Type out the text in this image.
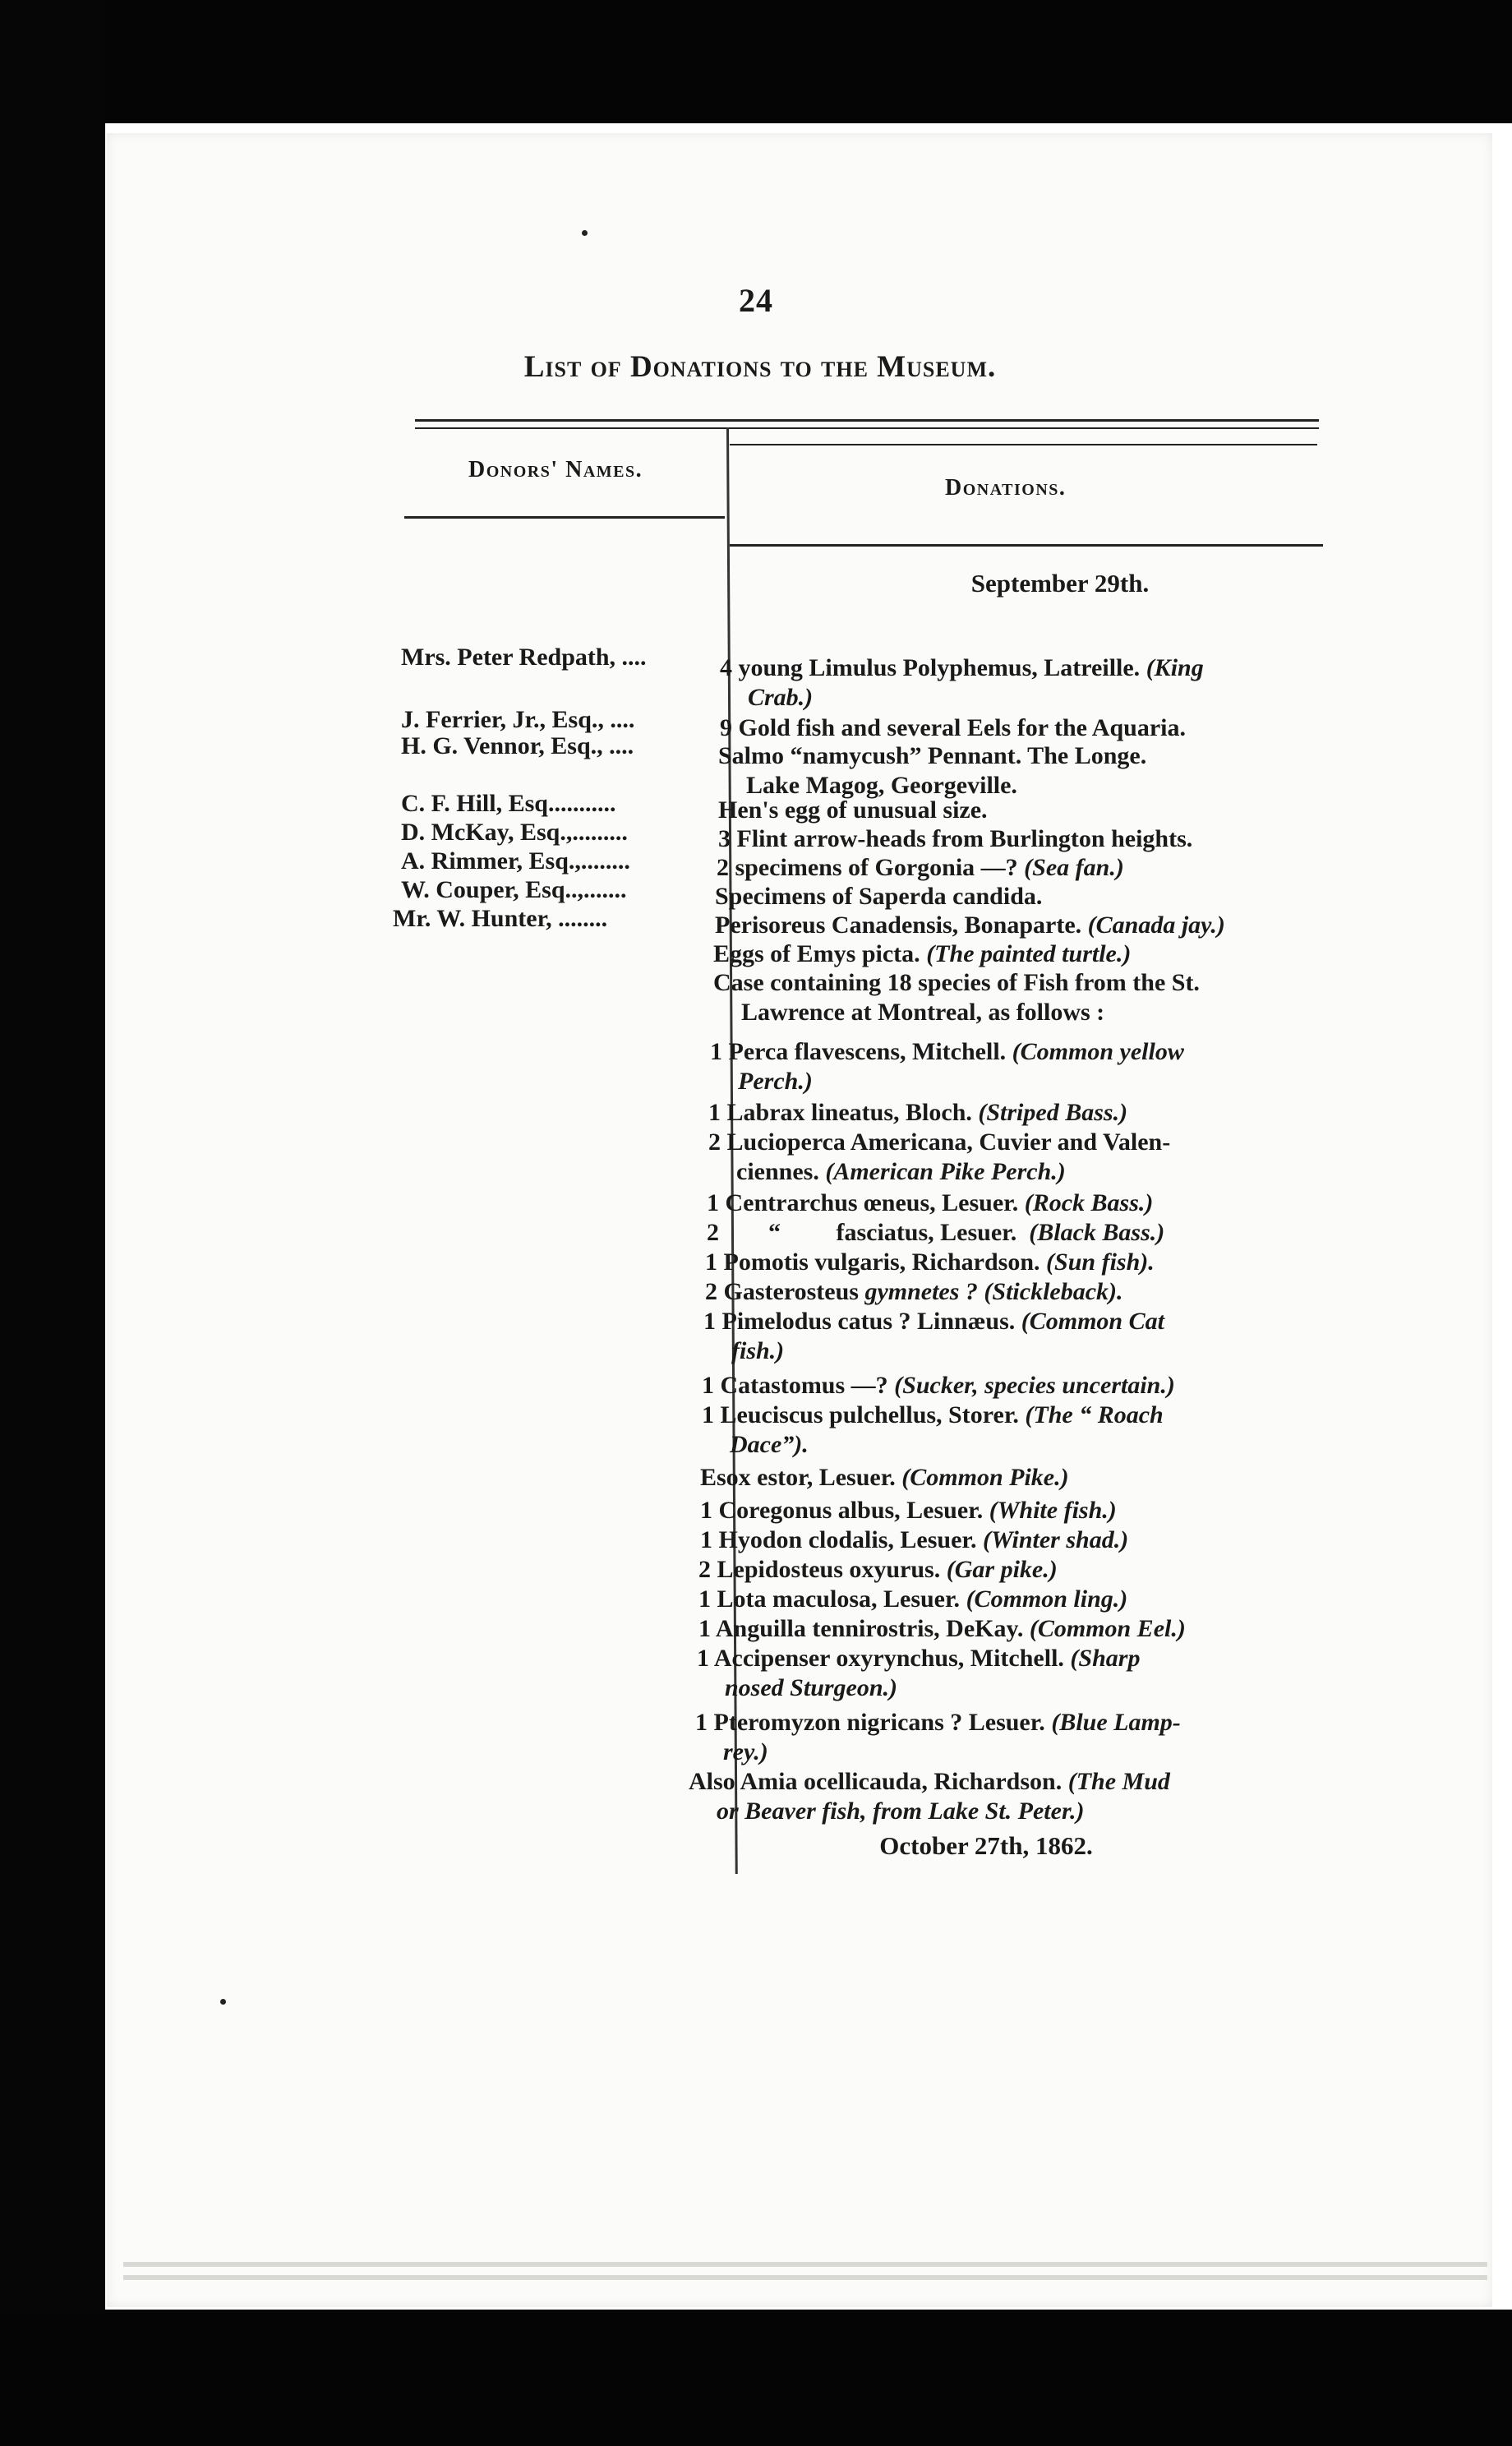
24
List of Donations to the Museum.
Donors' Names.
Donations.
September 29th.
Mrs. Peter Redpath, ....
J. Ferrier, Jr., Esq., ....
H. G. Vennor, Esq., ....
C. F. Hill, Esq...........
D. McKay, Esq.,.........
A. Rimmer, Esq.,........
W. Couper, Esq..,.......
Mr. W. Hunter, ........
4 young Limulus Polyphemus, Latreille. (King
Crab.)
9 Gold fish and several Eels for the Aquaria.
Salmo “namycush” Pennant. The Longe.
Lake Magog, Georgeville.
Hen's egg of unusual size.
3 Flint arrow-heads from Burlington heights.
2 specimens of Gorgonia —? (Sea fan.)
Specimens of Saperda candida.
Perisoreus Canadensis, Bonaparte. (Canada jay.)
Eggs of Emys picta. (The painted turtle.)
Case containing 18 species of Fish from the St.
Lawrence at Montreal, as follows :
1 Perca flavescens, Mitchell. (Common yellow
Perch.)
1 Labrax lineatus, Bloch. (Striped Bass.)
2 Lucioperca Americana, Cuvier and Valen-
ciennes. (American Pike Perch.)
1 Centrarchus œneus, Lesuer. (Rock Bass.)
2        “         fasciatus, Lesuer.  (Black Bass.)
1 Pomotis vulgaris, Richardson. (Sun fish).
2 Gasterosteus gymnetes ? (Stickleback).
1 Pimelodus catus ? Linnæus. (Common Cat
fish.)
1 Catastomus —? (Sucker, species uncertain.)
1 Leuciscus pulchellus, Storer. (The “ Roach
Dace”).
Esox estor, Lesuer. (Common Pike.)
1 Coregonus albus, Lesuer. (White fish.)
1 Hyodon clodalis, Lesuer. (Winter shad.)
2 Lepidosteus oxyurus. (Gar pike.)
1 Lota maculosa, Lesuer. (Common ling.)
1 Anguilla tennirostris, DeKay. (Common Eel.)
1 Accipenser oxyrynchus, Mitchell. (Sharp
nosed Sturgeon.)
1 Pteromyzon nigricans ? Lesuer. (Blue Lamp-
rey.)
Also Amia ocellicauda, Richardson. (The Mud
or Beaver fish, from Lake St. Peter.)
October 27th, 1862.
